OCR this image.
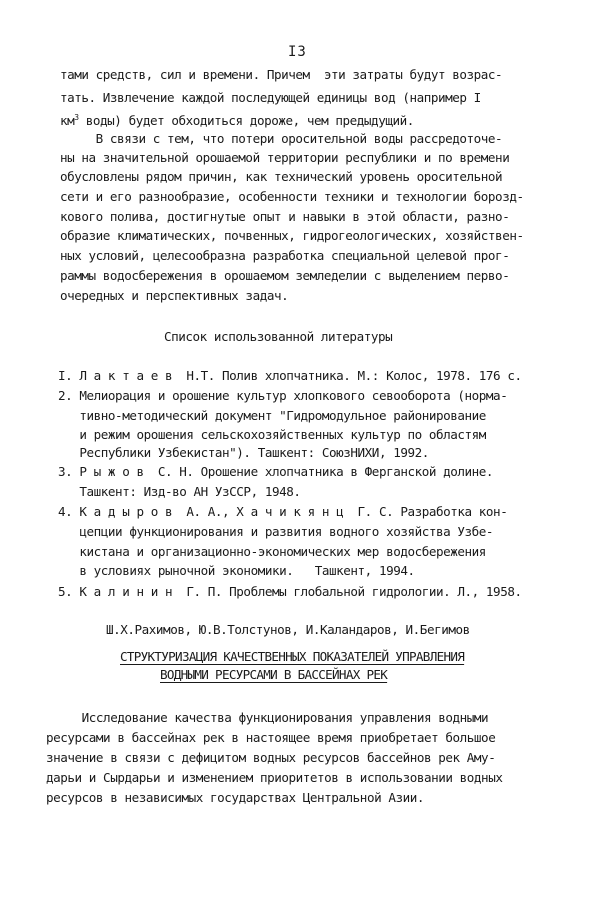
I3
тами средств, сил и времени. Причем  эти затраты будут возрас-
тать. Извлечение каждой последующей единицы вод (например I
$км^3$ воды) будет обходиться дороже, чем предыдущий.
В связи с тем, что потери оросительной воды рассредоточе-
ны на значительной орошаемой территории республики и по времени
обусловлены рядом причин, как технический уровень оросительной
сети и его разнообразие, особенности техники и технологии борозд-
кового полива, достигнутые опыт и навыки в этой области, разно-
образие климатических, почвенных, гидрогеологических, хозяйствен-
ных условий, целесообразна разработка специальной целевой прог-
раммы водосбережения в орошаемом земледелии с выделением перво-
очередных и перспективных задач.
Список использованной литературы
I. Л а к т а е в  Н.Т. Полив хлопчатника. М.: Колос, 1978. 176 с.
2. Мелиорация и орошение культур хлопкового севооборота (норма-
тивно-методический документ "Гидромодульное районирование
и режим орошения сельскохозяйственных культур по областям
Республики Узбекистан"). Ташкент: СоюзНИХИ, 1992.
3. Р ы ж о в  С. Н. Орошение хлопчатника в Ферганской долине.
Ташкент: Изд-во АН УзССР, 1948.
4. К а д ы р о в  А. А., Х а ч и к я н ц  Г. С. Разработка кон-
цепции функционирования и развития водного хозяйства Узбе-
кистана и организационно-экономических мер водосбережения
в условиях рыночной экономики.   Ташкент, 1994.
5. К а л и н и н  Г. П. Проблемы глобальной гидрологии. Л., 1958.
Ш.Х.Рахимов, Ю.В.Толстунов, И.Каландаров, И.Бегимов
СТРУКТУРИЗАЦИЯ КАЧЕСТВЕННЫХ ПОКАЗАТЕЛЕЙ УПРАВЛЕНИЯ
ВОДНЫМИ РЕСУРСАМИ В БАССЕЙНАХ РЕК
Исследование качества функционирования управления водными
ресурсами в бассейнах рек в настоящее время приобретает большое
значение в связи с дефицитом водных ресурсов бассейнов рек Аму-
дарьи и Сырдарьи и изменением приоритетов в использовании водных
ресурсов в независимых государствах Центральной Азии.
